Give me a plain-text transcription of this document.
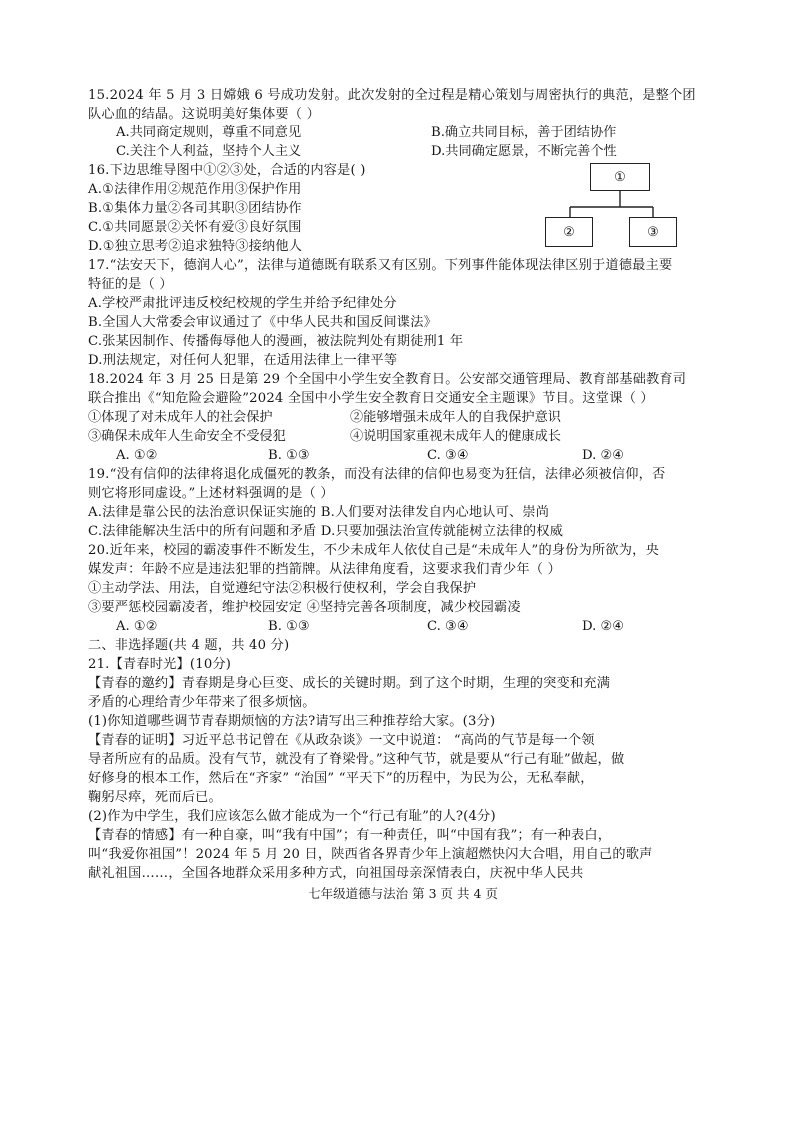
15.2024 年 5 月 3 日嫦娥 6 号成功发射。此次发射的全过程是精心策划与周密执行的典范，是整个团
队心血的结晶。这说明美好集体要（ ）
A.共同商定规则，尊重不同意见	B.确立共同目标，善于团结协作
C.关注个人利益，坚持个人主义	D.共同确定愿景，不断完善个性
16.下边思维导图中①②③处，合适的内容是( )
A.①法律作用②规范作用③保护作用
B.①集体力量②各司其职③团结协作
C.①共同愿景②关怀有爱③良好氛围
D.①独立思考②追求独特③接纳他人
17.“法安天下，德润人心”，法律与道德既有联系又有区别。下列事件能体现法律区别于道德最主要
特征的是（ ）
A.学校严肃批评违反校纪校规的学生并给予纪律处分
B.全国人大常委会审议通过了《中华人民共和国反间谍法》
C.张某因制作、传播侮辱他人的漫画，被法院判处有期徒刑1 年
D.刑法规定，对任何人犯罪，在适用法律上一律平等
18.2024 年 3 月 25 日是第 29 个全国中小学生安全教育日。公安部交通管理局、教育部基础教育司
联合推出《“知危险会避险”2024 全国中小学生安全教育日交通安全主题课》节目。这堂课（ ）
①体现了对未成年人的社会保护	②能够增强未成年人的自我保护意识
③确保未成年人生命安全不受侵犯	④说明国家重视未成年人的健康成长
A. ①②	B. ①③	C. ③④	D. ②④
19.“没有信仰的法律将退化成僵死的教条，而没有法律的信仰也易变为狂信，法律必须被信仰，否
则它将形同虚设。”上述材料强调的是（ ）
A.法律是靠公民的法治意识保证实施的 B.人们要对法律发自内心地认可、崇尚
C.法律能解决生活中的所有问题和矛盾 D.只要加强法治宣传就能树立法律的权威
20.近年来，校园的霸凌事件不断发生，不少未成年人依仗自己是“未成年人”的身份为所欲为，央
媒发声：年龄不应是违法犯罪的挡箭牌。从法律角度看，这要求我们青少年（ ）
①主动学法、用法，自觉遵纪守法②积极行使权利，学会自我保护
③要严惩校园霸凌者，维护校园安定 ④坚持完善各项制度，减少校园霸凌
A. ①②	B. ①③	C. ③④	D. ②④
二、非选择题(共 4 题，共 40 分)
21.【青春时光】(10分)
【青春的邀约】青春期是身心巨变、成长的关键时期。到了这个时期，生理的突变和充满
矛盾的心理给青少年带来了很多烦恼。
(1)你知道哪些调节青春期烦恼的方法?请写出三种推荐给大家。(3分)
【青春的证明】习近平总书记曾在《从政杂谈》一文中说道： “高尚的气节是每一个领
导者所应有的品质。没有气节，就没有了脊梁骨。”这种气节，就是要从“行己有耻”做起，做
好修身的根本工作，然后在“齐家” “治国” “平天下”的历程中，为民为公，无私奉献，
鞠躬尽瘁，死而后已。
(2)作为中学生，我们应该怎么做才能成为一个“行己有耻”的人?(4分)
【青春的情感】有一种自豪，叫“我有中国”；有一种责任，叫“中国有我”；有一种表白，
叫“我爱你祖国”！2024 年 5 月 20 日，陕西省各界青少年上演超燃快闪大合唱，用自己的歌声
献礼祖国……，全国各地群众采用多种方式，向祖国母亲深情表白，庆祝中华人民共
七年级道德与法治 第 3 页 共 4 页
①
②	③
